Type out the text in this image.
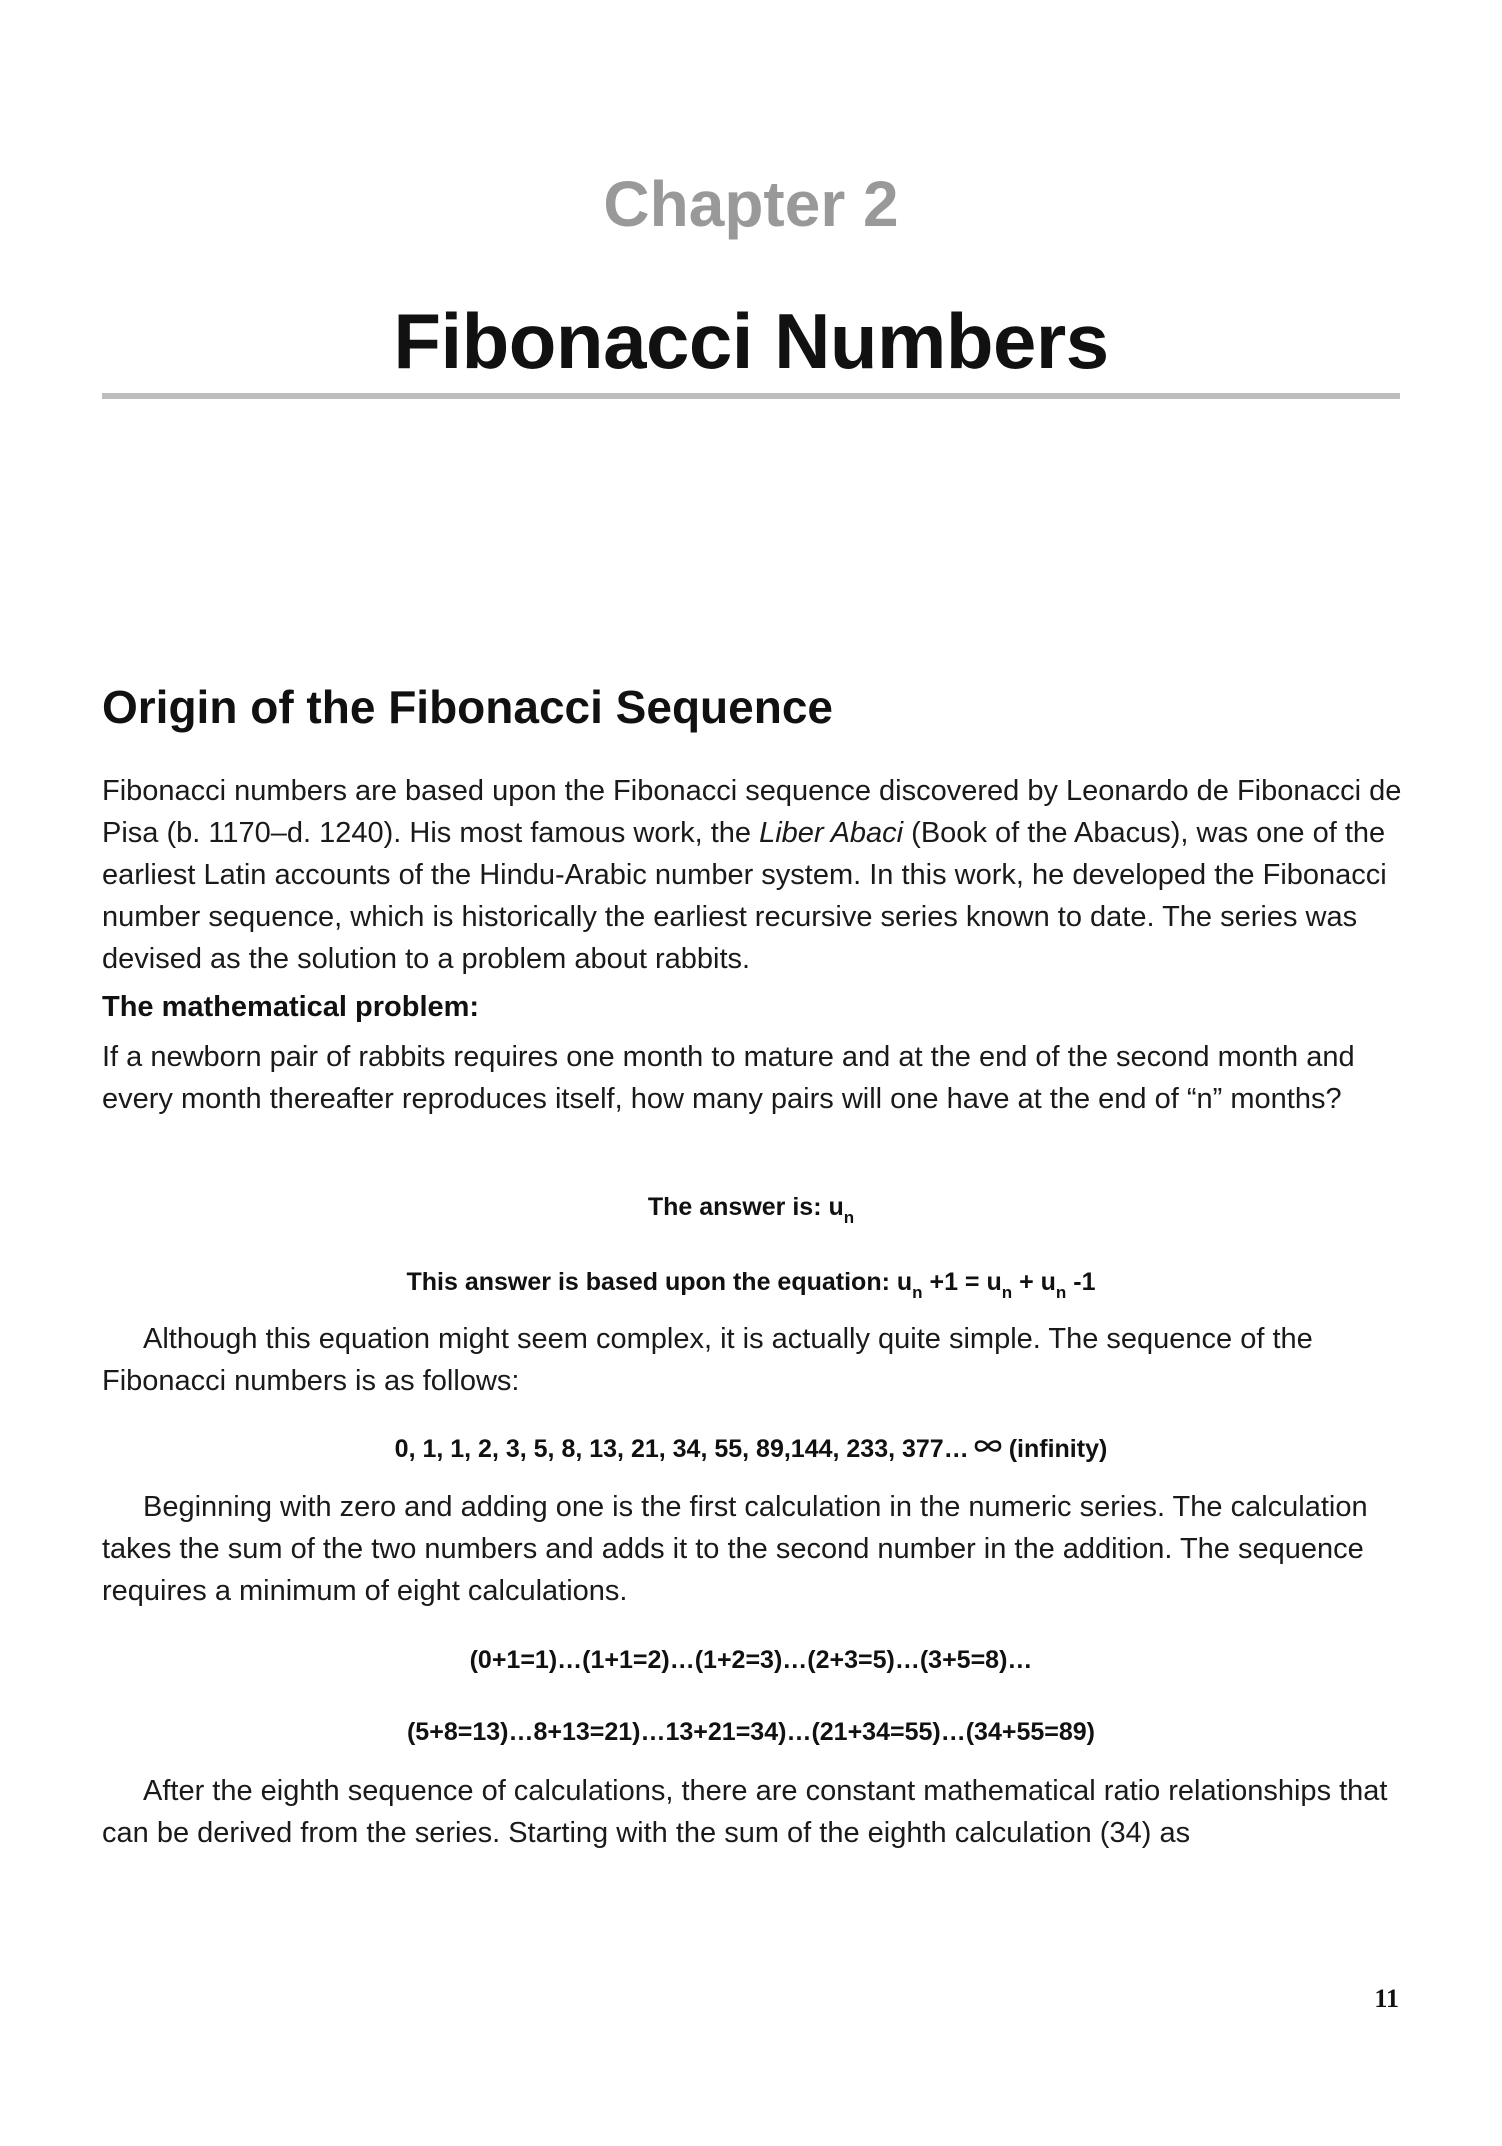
Chapter 2
Fibonacci Numbers
Origin of the Fibonacci Sequence
Fibonacci numbers are based upon the Fibonacci sequence discovered by Leonardo de Fibonacci de Pisa (b. 1170–d. 1240). His most famous work, the Liber Abaci (Book of the Abacus), was one of the earliest Latin accounts of the Hindu-Arabic number system. In this work, he developed the Fibonacci number sequence, which is historically the earliest recursive series known to date. The series was devised as the solution to a problem about rabbits.
The mathematical problem:
If a newborn pair of rabbits requires one month to mature and at the end of the second month and every month thereafter reproduces itself, how many pairs will one have at the end of “n” months?
The answer is: $u_n$
This answer is based upon the equation: $u_n +1 = u_n + u_n$ -1
Although this equation might seem complex, it is actually quite simple. The sequence of the Fibonacci numbers is as follows:
0, 1, 1, 2, 3, 5, 8, 13, 21, 34, 55, 89,144, 233, 377… (infinity)
Beginning with zero and adding one is the first calculation in the numeric series. The calculation takes the sum of the two numbers and adds it to the second number in the addition. The sequence requires a minimum of eight calculations.
(0+1=1)…(1+1=2)…(1+2=3)…(2+3=5)…(3+5=8)…
(5+8=13)…8+13=21)…13+21=34)…(21+34=55)…(34+55=89)
After the eighth sequence of calculations, there are constant mathematical ratio relationships that can be derived from the series. Starting with the sum of the eighth calculation (34) as
11
